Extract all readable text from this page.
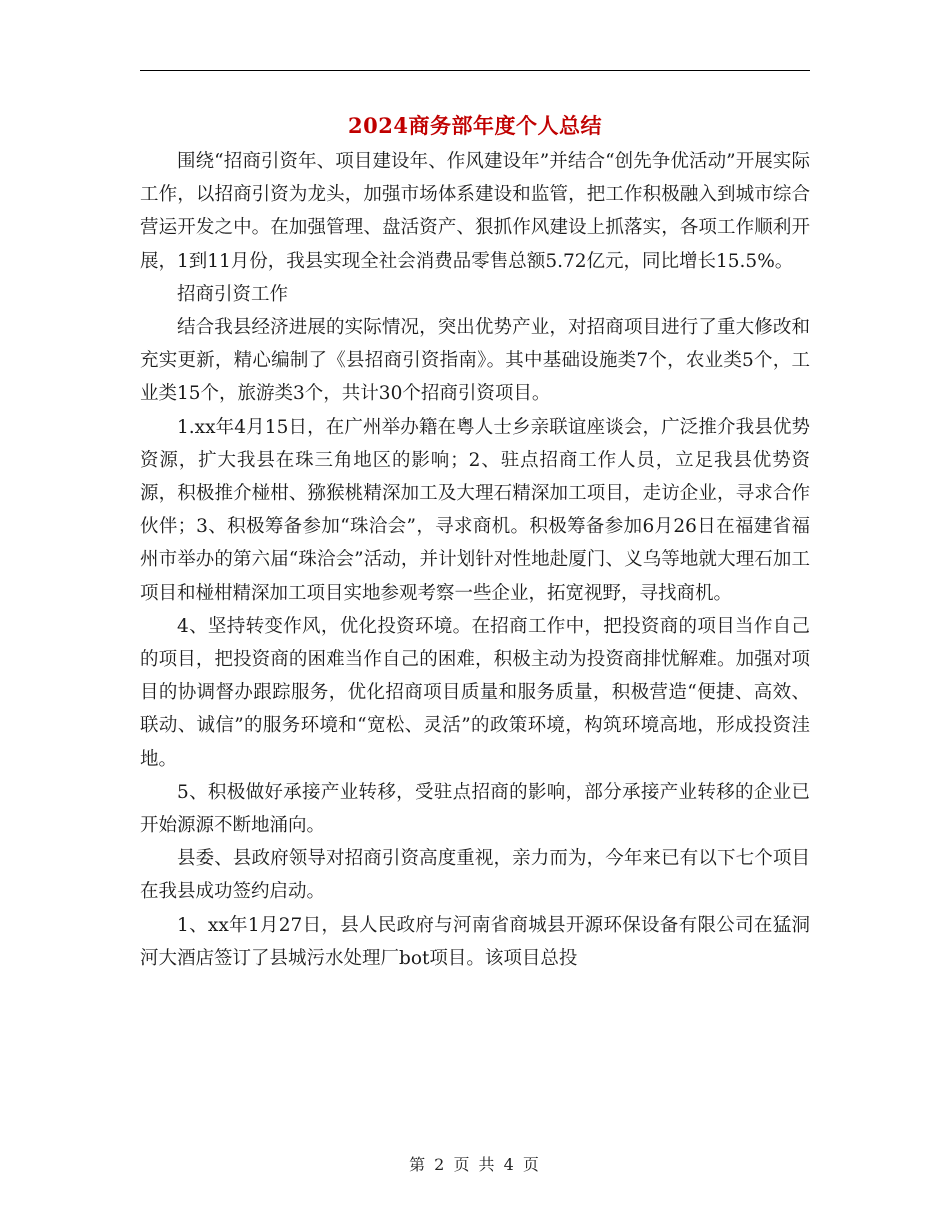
2024商务部年度个人总结

围绕“招商引资年、项目建设年、作风建设年”并结合“创先争优活动”开展实际工作，以招商引资为龙头，加强市场体系建设和监管，把工作积极融入到城市综合营运开发之中。在加强管理、盘活资产、狠抓作风建设上抓落实，各项工作顺利开展，1到11月份，我县实现全社会消费品零售总额5.72亿元，同比增长15.5%。

招商引资工作

结合我县经济进展的实际情况，突出优势产业，对招商项目进行了重大修改和充实更新，精心编制了《县招商引资指南》。其中基础设施类7个，农业类5个，工业类15个，旅游类3个，共计30个招商引资项目。

1.xx年4月15日，在广州举办籍在粤人士乡亲联谊座谈会，广泛推介我县优势资源，扩大我县在珠三角地区的影响；2、驻点招商工作人员，立足我县优势资源，积极推介椪柑、猕猴桃精深加工及大理石精深加工项目，走访企业，寻求合作伙伴；3、积极筹备参加“珠洽会”，寻求商机。积极筹备参加6月26日在福建省福州市举办的第六届“珠洽会”活动，并计划针对性地赴厦门、义乌等地就大理石加工项目和椪柑精深加工项目实地参观考察一些企业，拓宽视野，寻找商机。

4、坚持转变作风，优化投资环境。在招商工作中，把投资商的项目当作自己的项目，把投资商的困难当作自己的困难，积极主动为投资商排忧解难。加强对项目的协调督办跟踪服务，优化招商项目质量和服务质量，积极营造“便捷、高效、联动、诚信”的服务环境和“宽松、灵活”的政策环境，构筑环境高地，形成投资洼地。

5、积极做好承接产业转移，受驻点招商的影响，部分承接产业转移的企业已开始源源不断地涌向。

县委、县政府领导对招商引资高度重视，亲力而为，今年来已有以下七个项目在我县成功签约启动。

1、xx年1月27日，县人民政府与河南省商城县开源环保设备有限公司在猛洞河大酒店签订了县城污水处理厂bot项目。该项目总投

第 2 页 共 4 页
